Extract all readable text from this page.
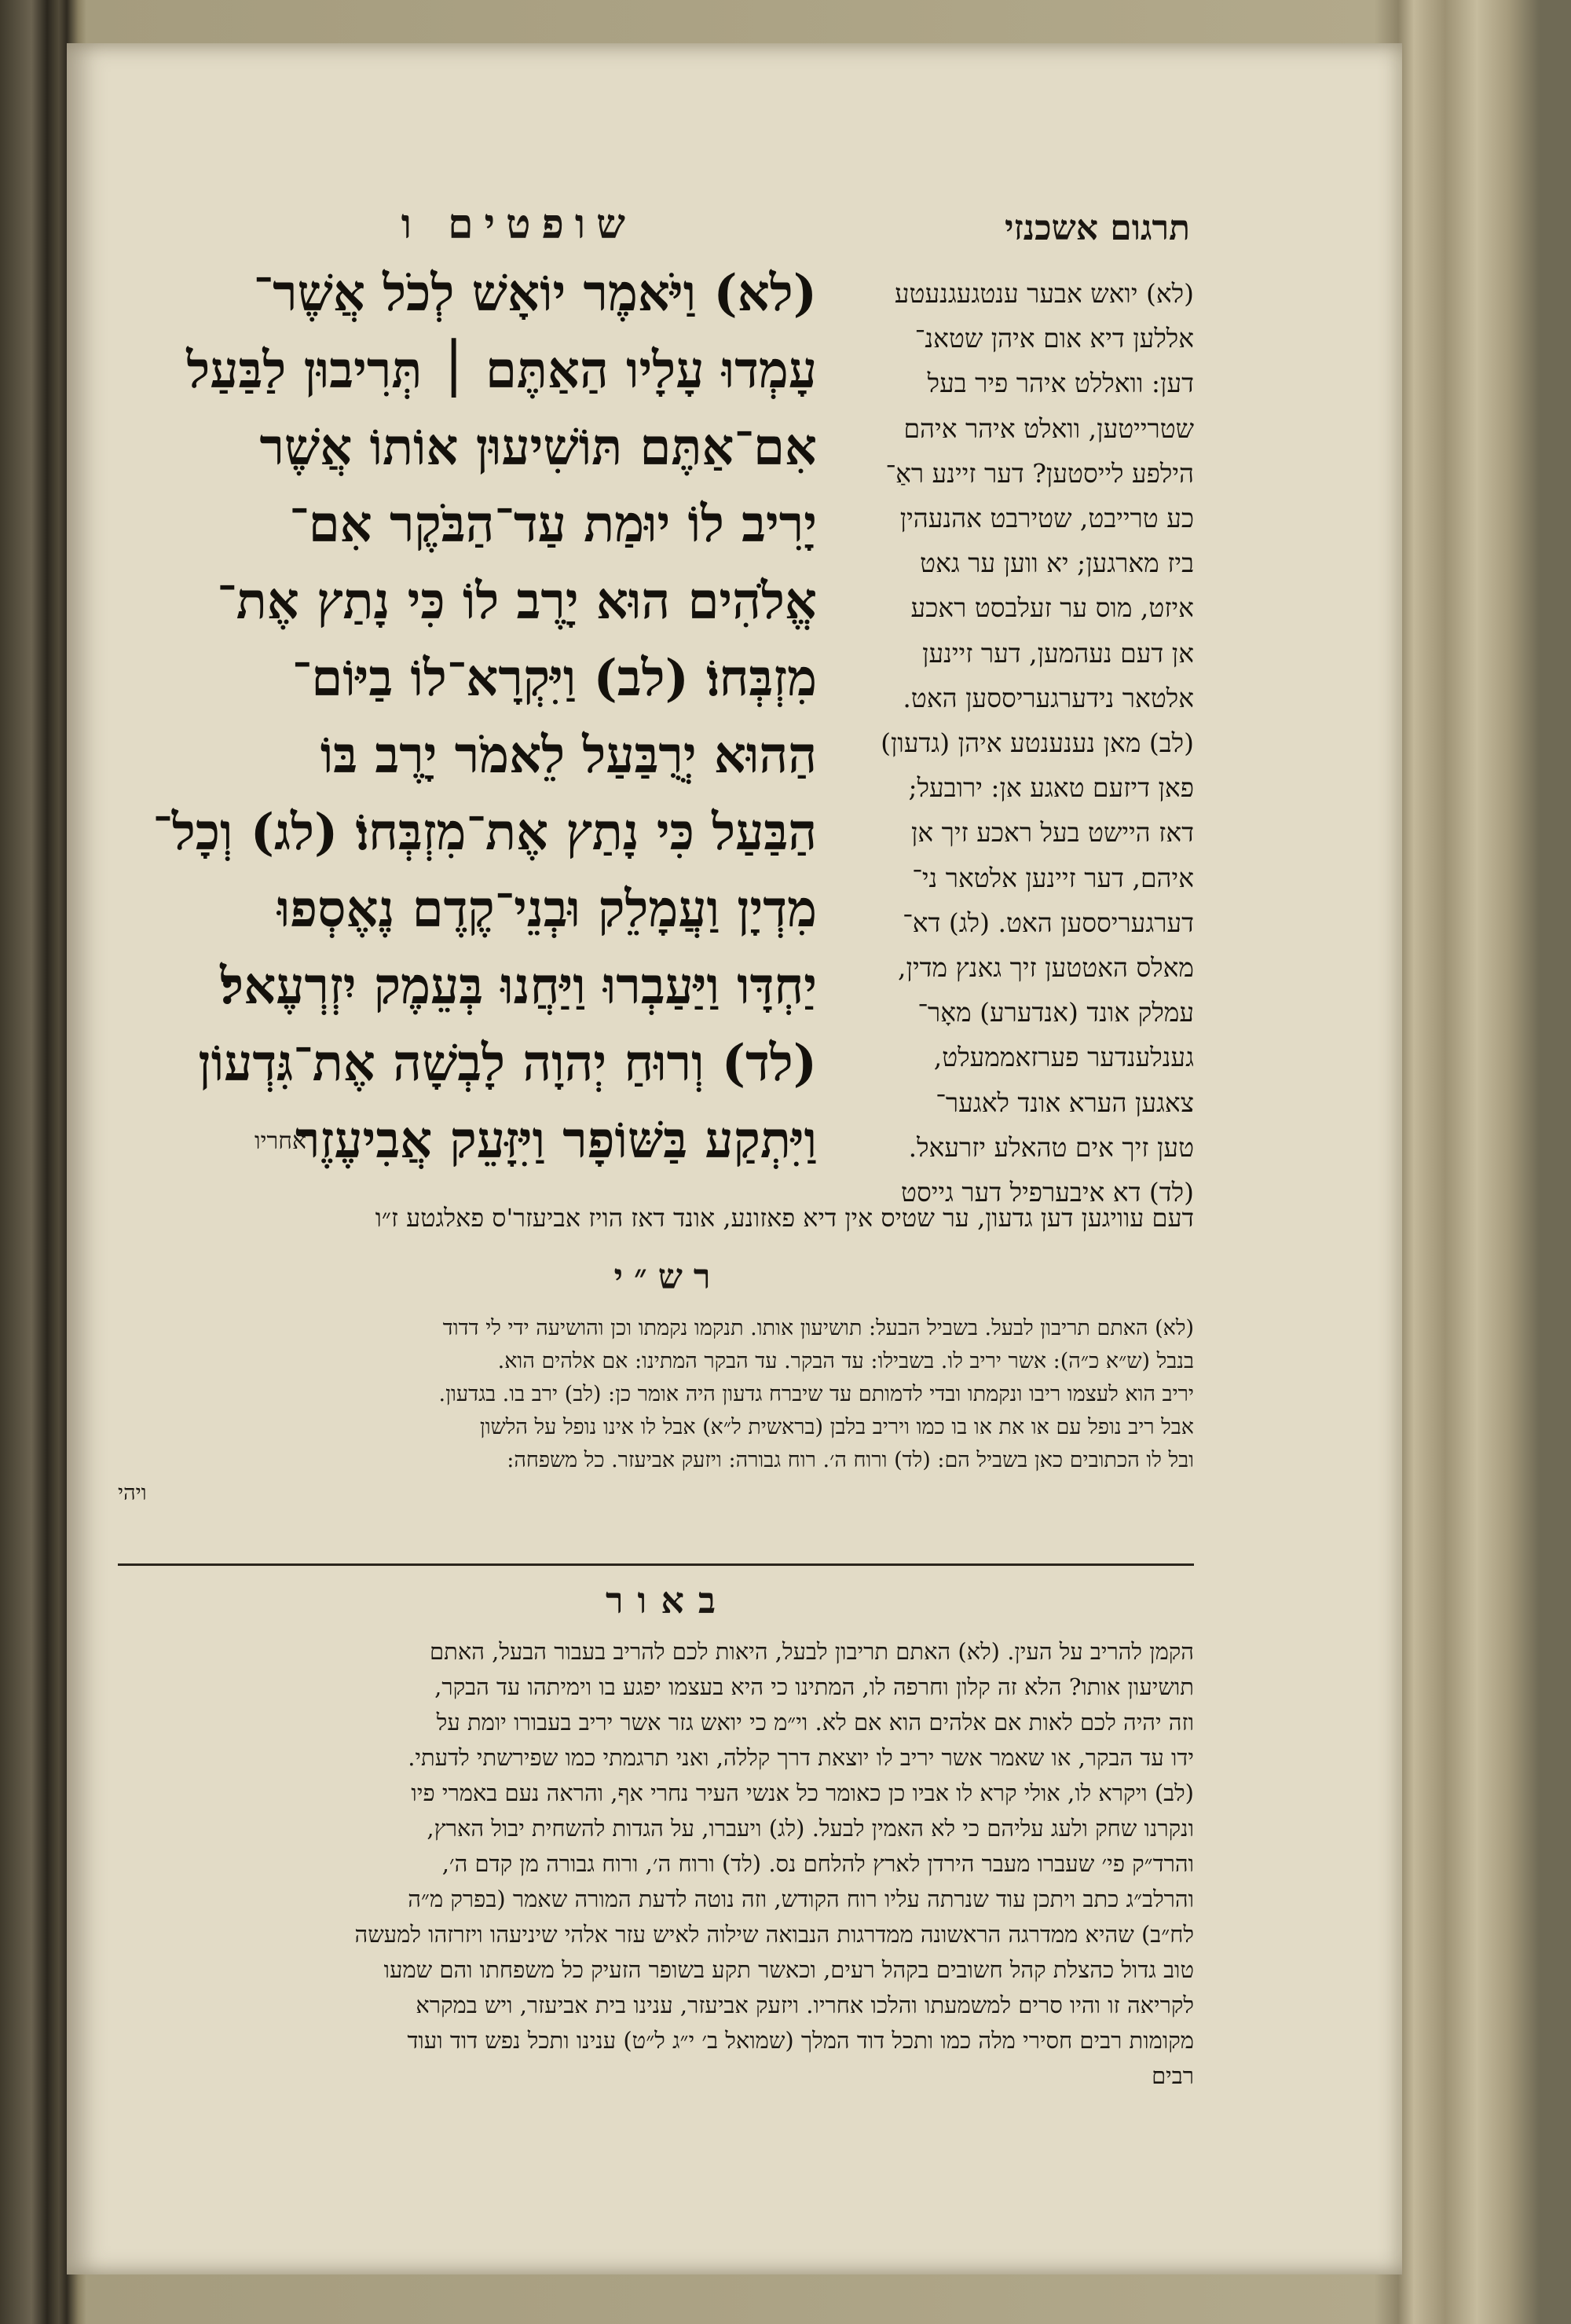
תרגום אשכנזי
שופטים ו
(לא) וַיֹּאמֶר יוֹאָשׁ לְכֹל אֲשֶׁר־
עָמְדוּ עָלָיו הַאַתֶּם ׀ תְּרִיבוּן לַבַּעַל
אִם־אַתֶּם תּוֹשִׁיעוּן אוֹתוֹ אֲשֶׁר
יָרִיב לוֹ יוּמַת עַד־הַבֹּקֶר אִם־
אֱלֹהִים הוּא יָרֶב לוֹ כִּי נָתַץ אֶת־
מִזְבְּחוֹ׃ (לב) וַיִּקְרָא־לוֹ בַיּוֹם־
הַהוּא יְרֻבַּעַל לֵאמֹר יָרֶב בּוֹ
הַבַּעַל כִּי נָתַץ אֶת־מִזְבְּחוֹ׃ (לג) וְכָל־
מִדְיָן וַעֲמָלֵק וּבְנֵי־קֶדֶם נֶאֶסְפוּ
יַחְדָּו וַיַּעַבְרוּ וַיַּחֲנוּ בְּעֵמֶק יִזְרְעֶאל׃
(לד) וְרוּחַ יְהוָה לָבְשָׁה אֶת־גִּדְעוֹן
וַיִּתְקַע בַּשּׁוֹפָר וַיִּזָּעֵק אֲבִיעֶזֶר
אחריו
(לא) יואש אבער ענטגעגנעטע
אללען דיא אום איהן שטאנ־
דען: וואללט איהר פיר בעל
שטרייטען, וואלט איהר איהם
הילפע לייסטען? דער זיינע ראַ־
כע טרייבט, שטירבט אהנעהין
ביז מארגען; יא ווען ער גאט
איזט, מוס ער זעלבסט ראכע
אן דעם נעהמען, דער זיינען
אלטאר נידערגעריססען האט.
(לב) מאן נענענטע איהן (גדעון)
פאן דיזעם טאגע אן: ירובעל;
דאז היישט בעל ראכע זיך אן
איהם, דער זיינען אלטאר ני־
דערגעריססען האט. (לג) דא־
מאלס האטטען זיך גאנץ מדין,
עמלק אונד (אנדערע) מאָר־
גענלענדער פערזאממעלט,
צאגען הערא אונד לאגער־
טען זיך אים טהאלע יזרעאל.
(לד) דא איבערפיל דער גייסט
דעם עוויגען דען גדעון, ער שטיס אין דיא פאזונע, אונד דאז הויז אביעזר'ס פאלגטע ז״ו
רש״י
(לא) האתם תריבון לבעל. בשביל הבעל: תושיעון אותו. תנקמו נקמתו וכן והושיעה ידי לי דדוד
בנבל (ש״א כ״ה): אשר יריב לו. בשבילו: עד הבקר. עד הבקר המתינו: אם אלהים הוא.
יריב הוא לעצמו ריבו ונקמתו ובדי לדמותם עד שיברח גדעון היה אומר כן: (לב) ירב בו. בגדעון.
אבל ריב נופל עם או את או בו כמו ויריב בלבן (בראשית ל״א) אבל לו אינו נופל על הלשון
ובל לו הכתובים כאן בשביל הם: (לד) ורוח ה׳. רוח גבורה: ויזעק אביעזר. כל משפחה:
ויהי
באור
הקמן להריב על העין. (לא) האתם תריבון לבעל, היאות לכם להריב בעבור הבעל, האתם
תושיעון אותו? הלא זה קלון וחרפה לו, המתינו כי היא בעצמו יפגע בו וימיתהו עד הבקר,
וזה יהיה לכם לאות אם אלהים הוא אם לא. וי״מ כי יואש גזר אשר יריב בעבורו יומת על
ידו עד הבקר, או שאמר אשר יריב לו יוצאת דרך קללה, ואני תרגמתי כמו שפירשתי לדעתי.
(לב) ויקרא לו, אולי קרא לו אביו כן כאומר כל אנשי העיר נחרי אף, והראה נעם באמרי פיו
ונקרנו שחק ולעג עליהם כי לא האמין לבעל. (לג) ויעברו, על הגדות להשחית יבול הארץ,
והרד״ק פי׳ שעברו מעבר הירדן לארץ להלחם נס. (לד) ורוח ה׳, ורוח גבורה מן קדם ה׳,
והרלב״ג כתב ויתכן עוד שנרתה עליו רוח הקודש, וזה נוטה לדעת המורה שאמר (בפרק מ״ה
לח״ב) שהיא ממדרגה הראשונה ממדרגות הנבואה שילוה לאיש עזר אלהי שיניעהו ויזרזהו למעשה
טוב גדול כהצלת קהל חשובים בקהל רעים, וכאשר תקע בשופר הזעיק כל משפחתו והם שמעו
לקריאה זו והיו סרים למשמעתו והלכו אחריו. ויזעק אביעזר, ענינו בית אביעזר, ויש במקרא
מקומות רבים חסירי מלה כמו ותכל דוד המלך (שמואל ב׳ י״ג ל״ט) ענינו ותכל נפש דוד ועוד
רבים
